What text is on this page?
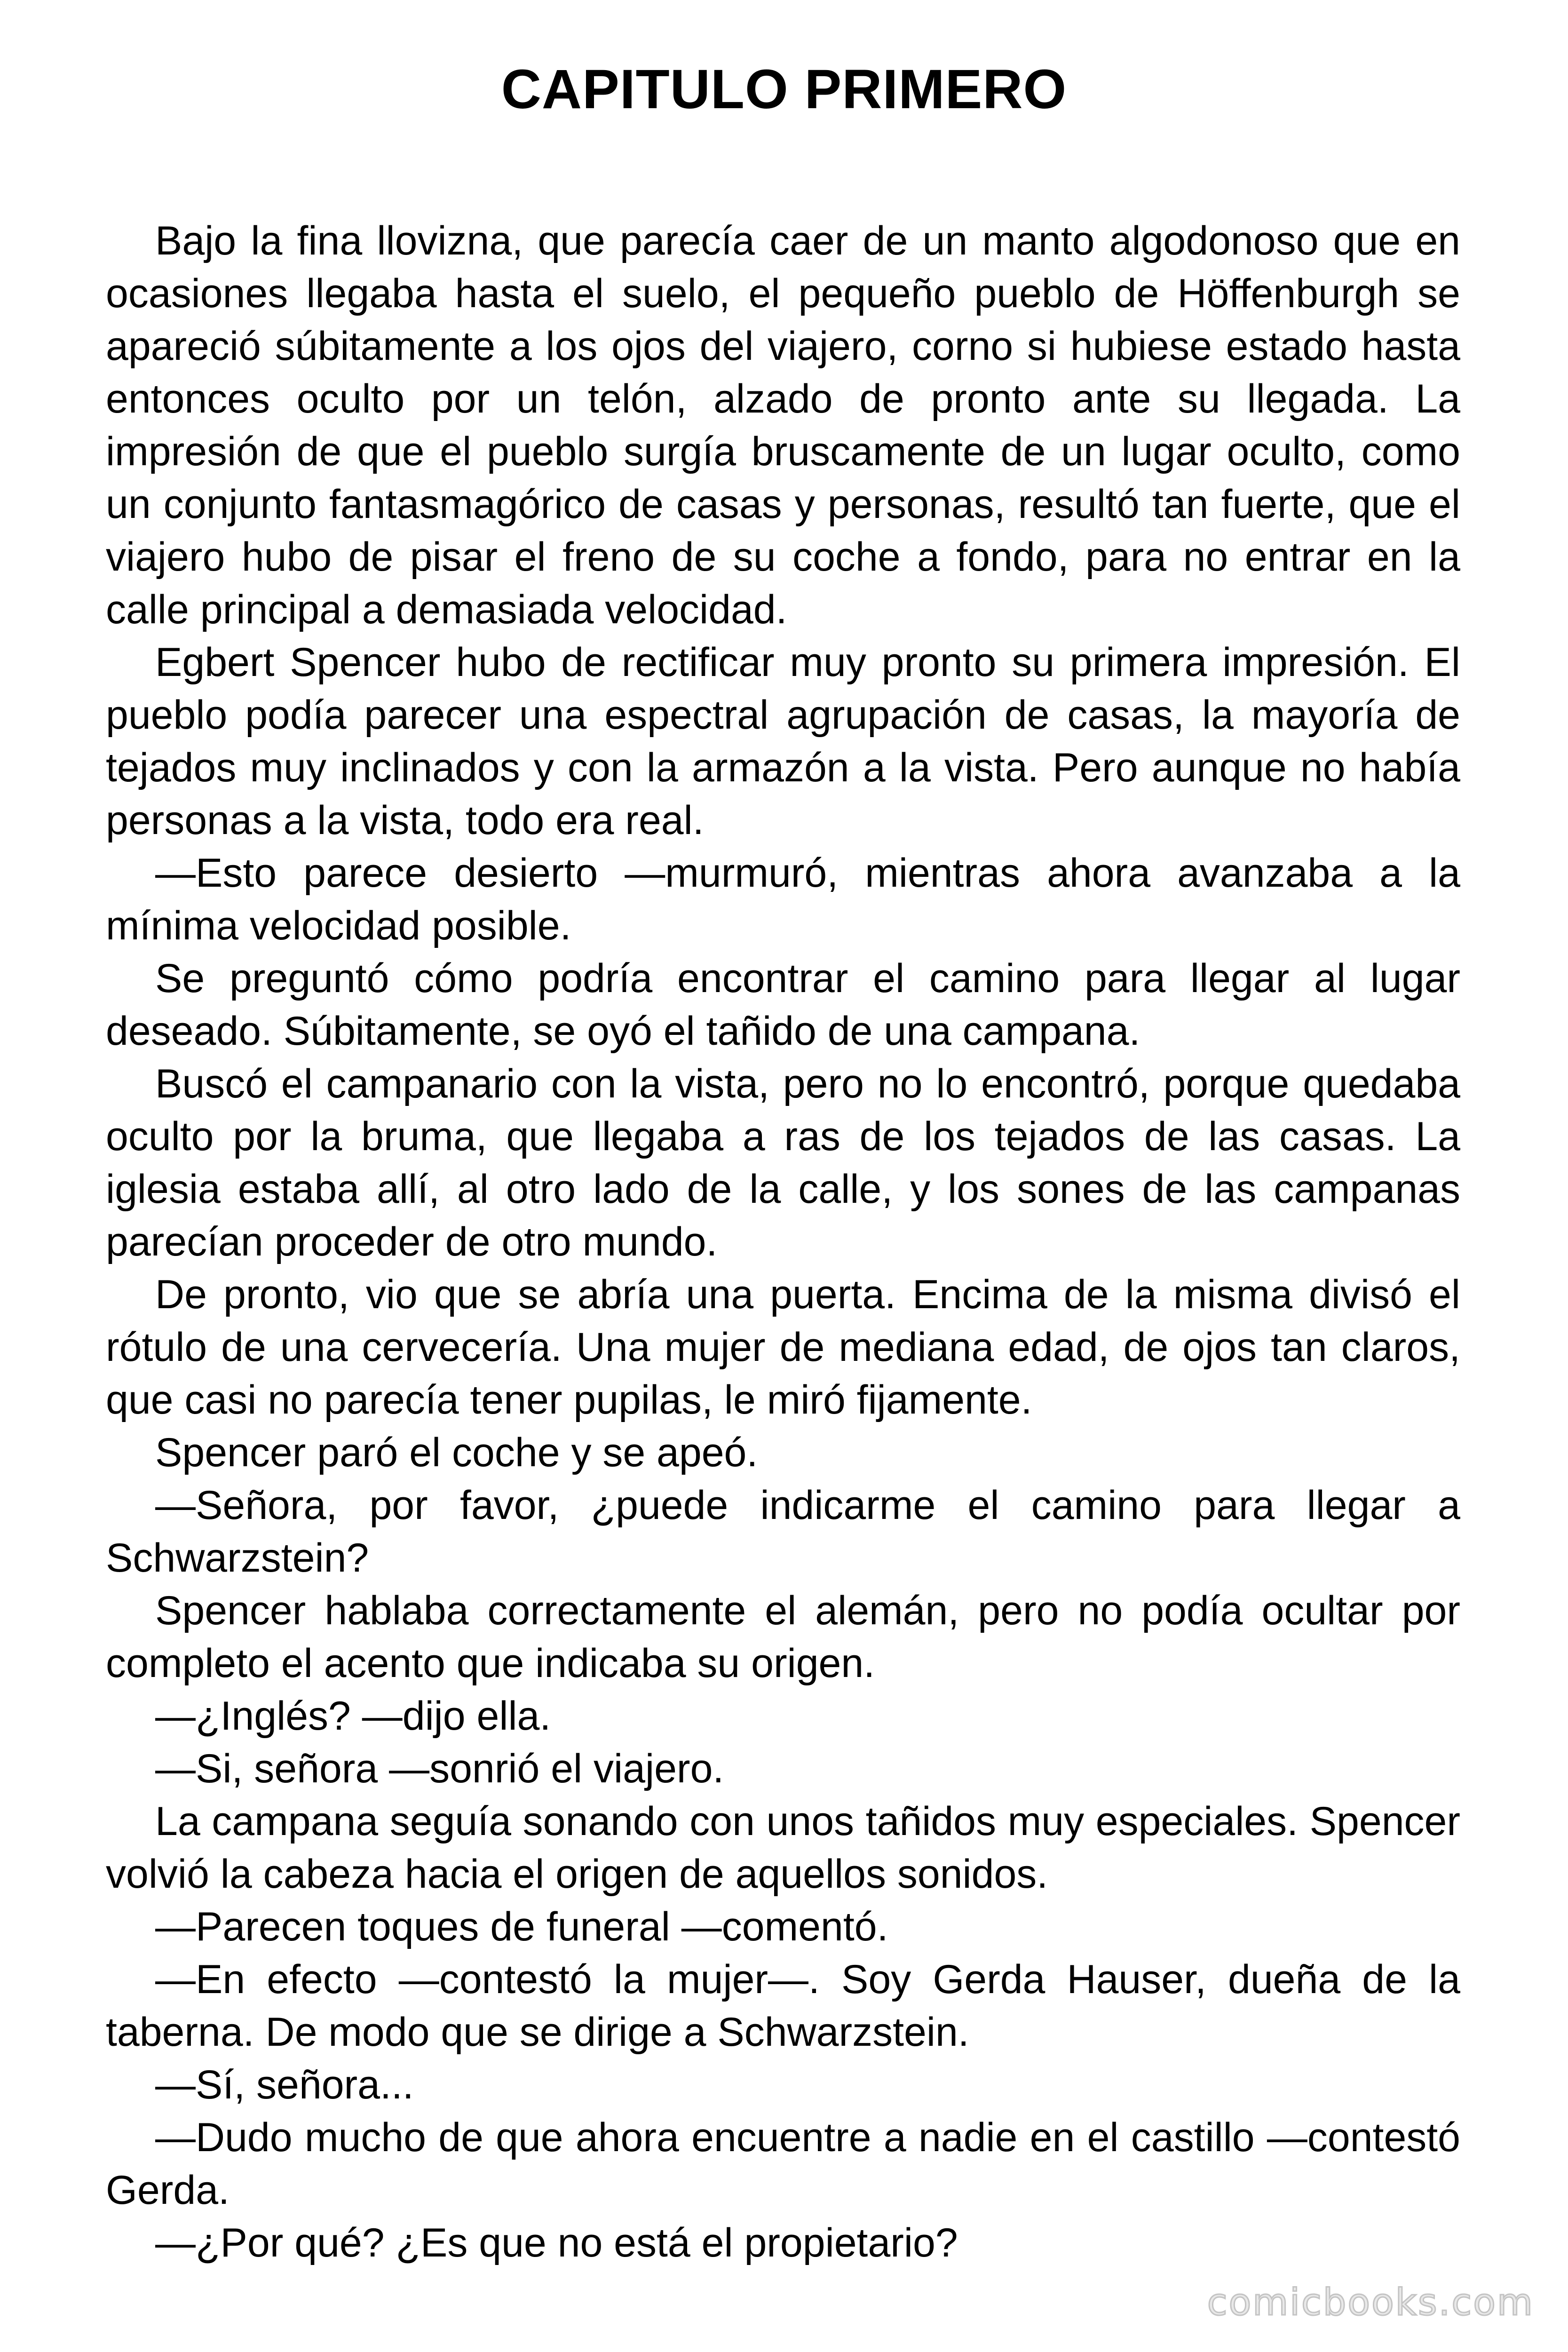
CAPITULO PRIMERO

Bajo la fina llovizna, que parecía caer de un manto algodonoso que en ocasiones llegaba hasta el suelo, el pequeño pueblo de Höffenburgh se apareció súbitamente a los ojos del viajero, corno si hubiese estado hasta entonces oculto por un telón, alzado de pronto ante su llegada. La impresión de que el pueblo surgía bruscamente de un lugar oculto, como un conjunto fantasmagórico de casas y personas, resultó tan fuerte, que el viajero hubo de pisar el freno de su coche a fondo, para no entrar en la calle principal a demasiada velocidad.

Egbert Spencer hubo de rectificar muy pronto su primera impresión. El pueblo podía parecer una espectral agrupación de casas, la mayoría de tejados muy inclinados y con la armazón a la vista. Pero aunque no había personas a la vista, todo era real.

—Esto parece desierto —murmuró, mientras ahora avanzaba a la mínima velocidad posible.

Se preguntó cómo podría encontrar el camino para llegar al lugar deseado. Súbitamente, se oyó el tañido de una campana.

Buscó el campanario con la vista, pero no lo encontró, porque quedaba oculto por la bruma, que llegaba a ras de los tejados de las casas. La iglesia estaba allí, al otro lado de la calle, y los sones de las campanas parecían proceder de otro mundo.

De pronto, vio que se abría una puerta. Encima de la misma divisó el rótulo de una cervecería. Una mujer de mediana edad, de ojos tan claros, que casi no parecía tener pupilas, le miró fijamente.

Spencer paró el coche y se apeó.

—Señora, por favor, ¿puede indicarme el camino para llegar a Schwarzstein?

Spencer hablaba correctamente el alemán, pero no podía ocultar por completo el acento que indicaba su origen.

—¿Inglés? —dijo ella.

—Si, señora —sonrió el viajero.

La campana seguía sonando con unos tañidos muy especiales. Spencer volvió la cabeza hacia el origen de aquellos sonidos.

—Parecen toques de funeral —comentó.

—En efecto —contestó la mujer—. Soy Gerda Hauser, dueña de la taberna. De modo que se dirige a Schwarzstein.

—Sí, señora...

—Dudo mucho de que ahora encuentre a nadie en el castillo —contestó Gerda.

—¿Por qué? ¿Es que no está el propietario?

comicbooks.com
